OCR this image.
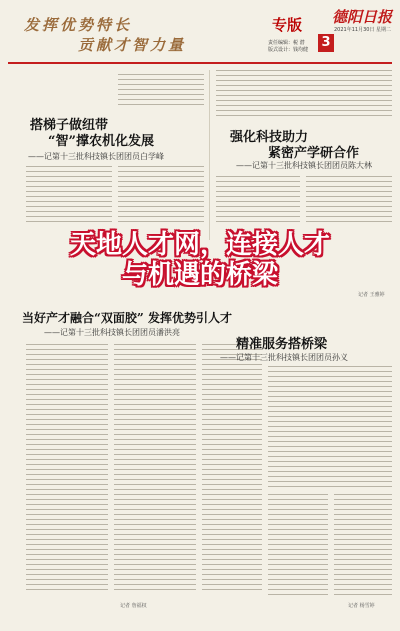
发挥优势特长
贡献才智力量
专版 德阳日报
2021年11月30日 星期二
3
责任编辑：税 潜
版式设计：钱均健
搭梯子做纽带
“智”撑农机化发展
——记第十三批科技镇长团团员白学峰
强化科技助力
紧密产学研合作
——记第十三批科技镇长团团员陈大林
记者 王雅婷
天地人才网，连接人才
与机遇的桥梁
当好产才融合“双面胶” 发挥优势引人才
——记第十三批科技镇长团团员潘洪亮
记者 詹福权
精准服务搭桥梁
——记第十三批科技镇长团团员孙义
记者 杨雪婷
